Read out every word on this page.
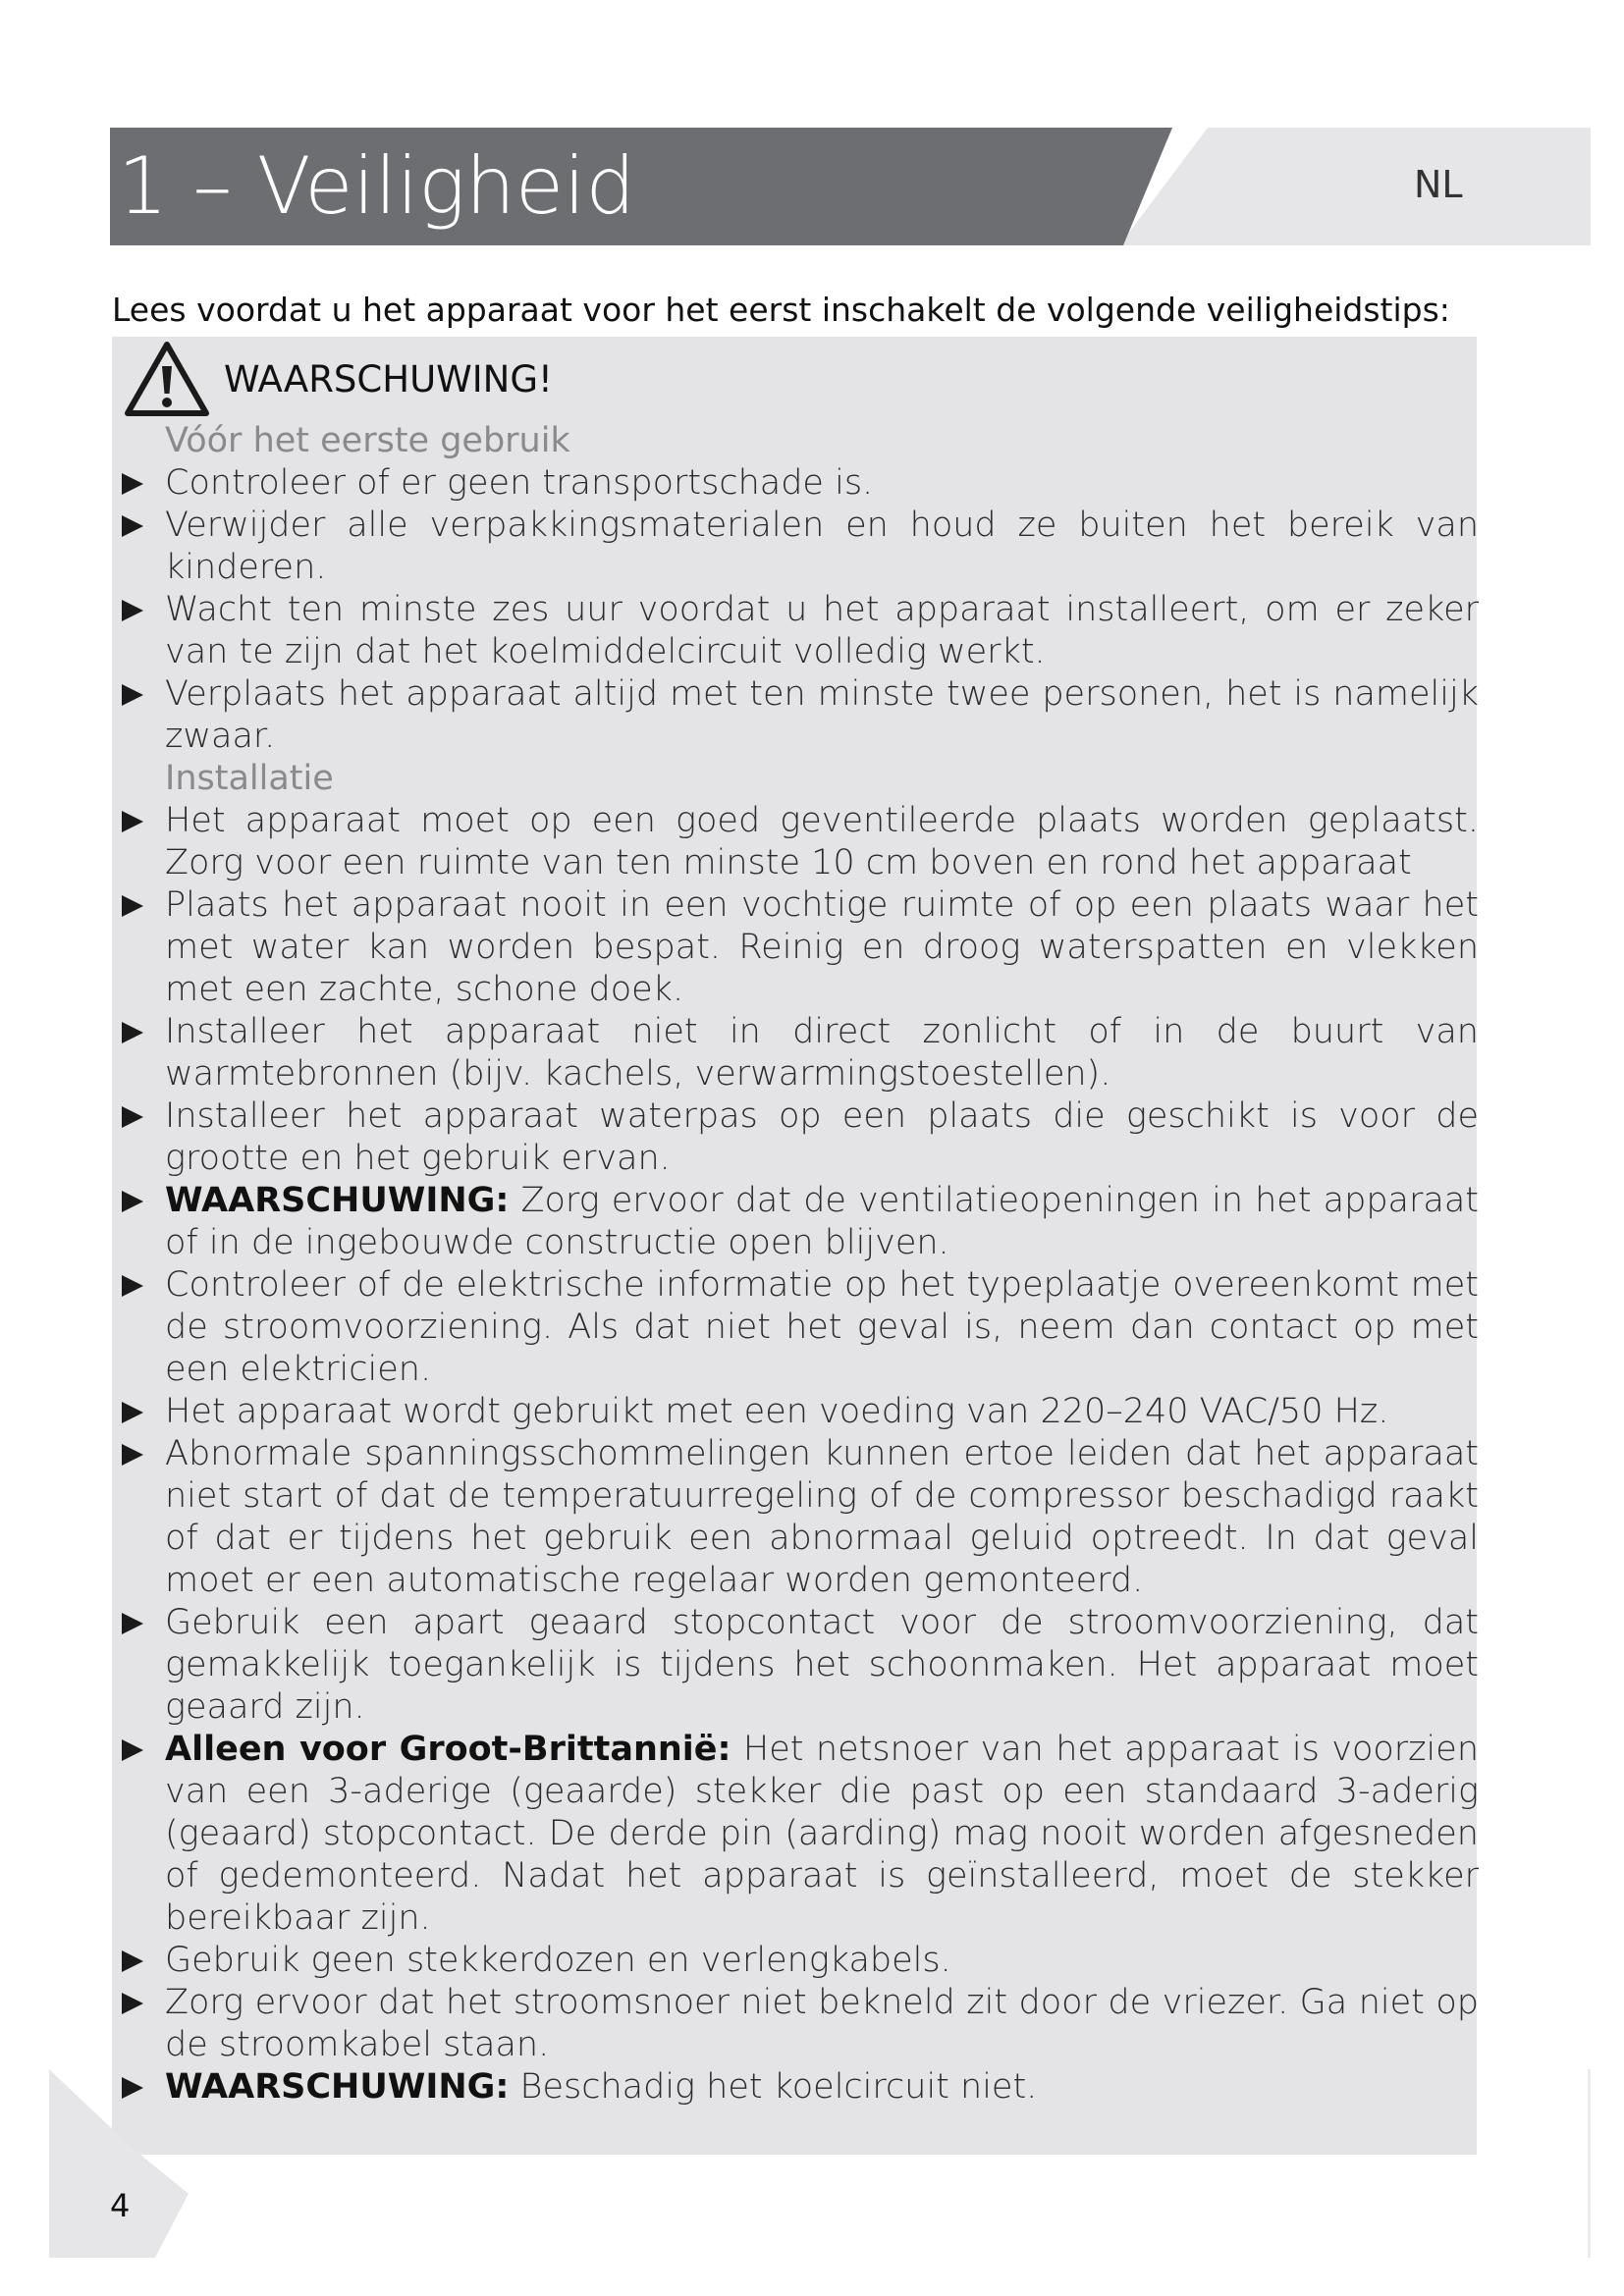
1 – Veiligheid	NL
Lees voordat u het apparaat voor het eerst inschakelt de volgende veiligheidstips:
WAARSCHUWING!
Vóór het eerste gebruik
Controleer of er geen transportschade is.
Verwijder alle verpakkingsmaterialen en houd ze buiten het bereik van kinderen.
Wacht ten minste zes uur voordat u het apparaat installeert, om er zeker van te zijn dat het koelmiddelcircuit volledig werkt.
Verplaats het apparaat altijd met ten minste twee personen, het is namelijk zwaar.
Installatie
Het apparaat moet op een goed geventileerde plaats worden geplaatst. Zorg voor een ruimte van ten minste 10 cm boven en rond het apparaat
Plaats het apparaat nooit in een vochtige ruimte of op een plaats waar het met water kan worden bespat. Reinig en droog waterspatten en vlekken met een zachte, schone doek.
Installeer het apparaat niet in direct zonlicht of in de buurt van warmtebronnen (bijv. kachels, verwarmingstoestellen).
Installeer het apparaat waterpas op een plaats die geschikt is voor de grootte en het gebruik ervan.
WAARSCHUWING: Zorg ervoor dat de ventilatieopeningen in het apparaat of in de ingebouwde constructie open blijven.
Controleer of de elektrische informatie op het typeplaatje overeenkomt met de stroomvoorziening. Als dat niet het geval is, neem dan contact op met een elektricien.
Het apparaat wordt gebruikt met een voeding van 220–240 VAC/50 Hz.
Abnormale spanningsschommelingen kunnen ertoe leiden dat het apparaat niet start of dat de temperatuurregeling of de compressor beschadigd raakt of dat er tijdens het gebruik een abnormaal geluid optreedt. In dat geval moet er een automatische regelaar worden gemonteerd.
Gebruik een apart geaard stopcontact voor de stroomvoorziening, dat gemakkelijk toegankelijk is tijdens het schoonmaken. Het apparaat moet geaard zijn.
Alleen voor Groot-Brittannië: Het netsnoer van het apparaat is voorzien van een 3-aderige (geaarde) stekker die past op een standaard 3-aderig (geaard) stopcontact. De derde pin (aarding) mag nooit worden afgesneden of gedemonteerd. Nadat het apparaat is geïnstalleerd, moet de stekker bereikbaar zijn.
Gebruik geen stekkerdozen en verlengkabels.
Zorg ervoor dat het stroomsnoer niet bekneld zit door de vriezer. Ga niet op de stroomkabel staan.
WAARSCHUWING: Beschadig het koelcircuit niet.
4
